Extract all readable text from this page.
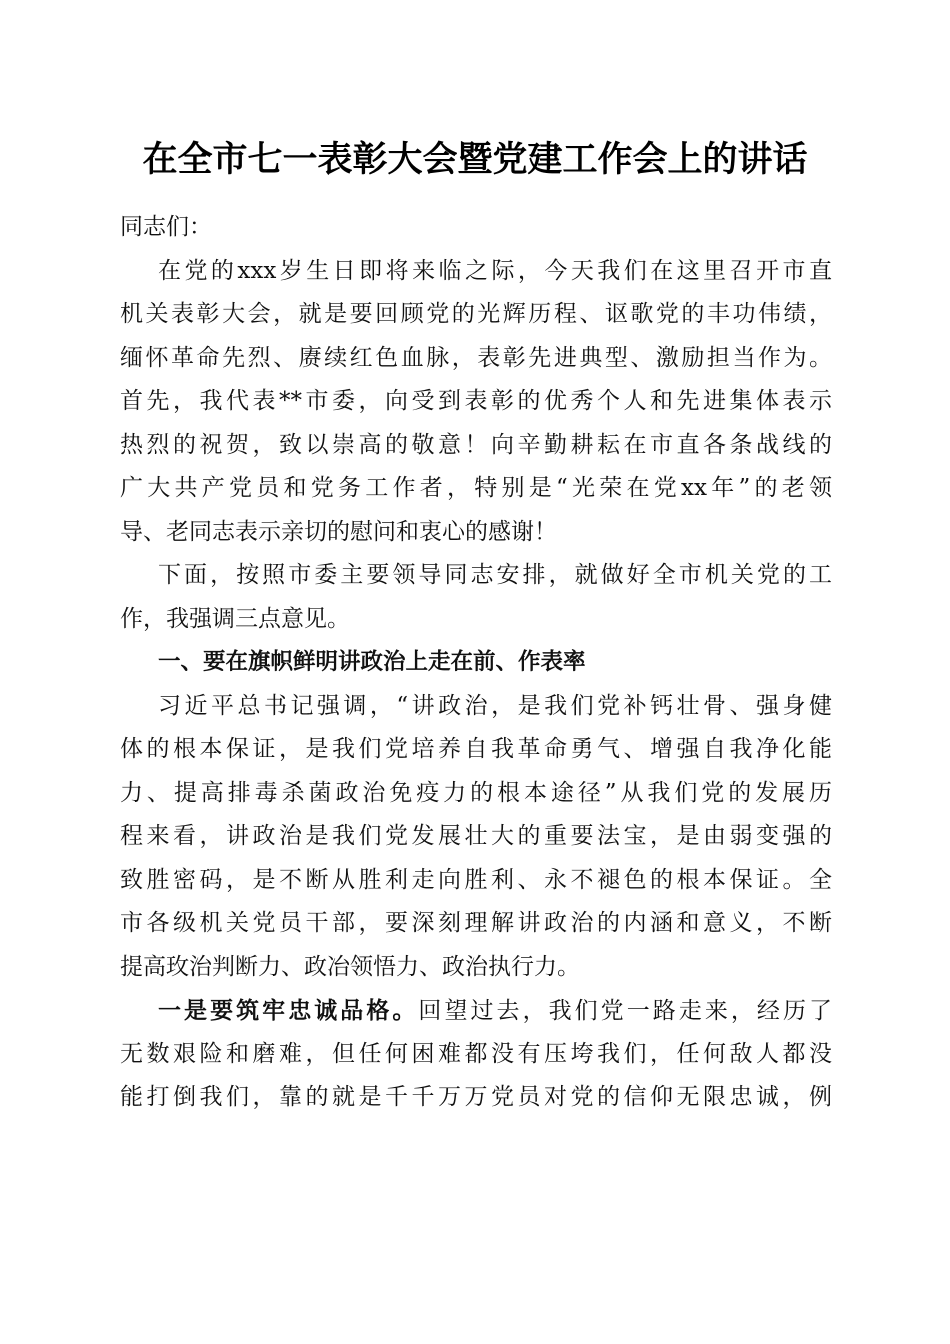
在全市七一表彰大会暨党建工作会上的讲话
同志们：
在党的xxx岁生日即将来临之际，今天我们在这里召开市直
机关表彰大会，就是要回顾党的光辉历程、讴歌党的丰功伟绩，
缅怀革命先烈、赓续红色血脉，表彰先进典型、激励担当作为。
首先，我代表**市委，向受到表彰的优秀个人和先进集体表示
热烈的祝贺，致以崇高的敬意！向辛勤耕耘在市直各条战线的
广大共产党员和党务工作者，特别是“光荣在党xx年”的老领
导、老同志表示亲切的慰问和衷心的感谢！
下面，按照市委主要领导同志安排，就做好全市机关党的工
作，我强调三点意见。
一、要在旗帜鲜明讲政治上走在前、作表率
习近平总书记强调，“讲政治，是我们党补钙壮骨、强身健
体的根本保证，是我们党培养自我革命勇气、增强自我净化能
力、提高排毒杀菌政治免疫力的根本途径”从我们党的发展历
程来看，讲政治是我们党发展壮大的重要法宝，是由弱变强的
致胜密码，是不断从胜利走向胜利、永不褪色的根本保证。全
市各级机关党员干部，要深刻理解讲政治的内涵和意义，不断
提高玫治判断力、政冶领悟力、政治执行力。
一是要筑牢忠诚品格。回望过去，我们党一路走来，经历了
无数艰险和磨难，但任何困难都没有压垮我们，任何敌人都没
能打倒我们，靠的就是千千万万党员对党的信仰无限忠诚，例
